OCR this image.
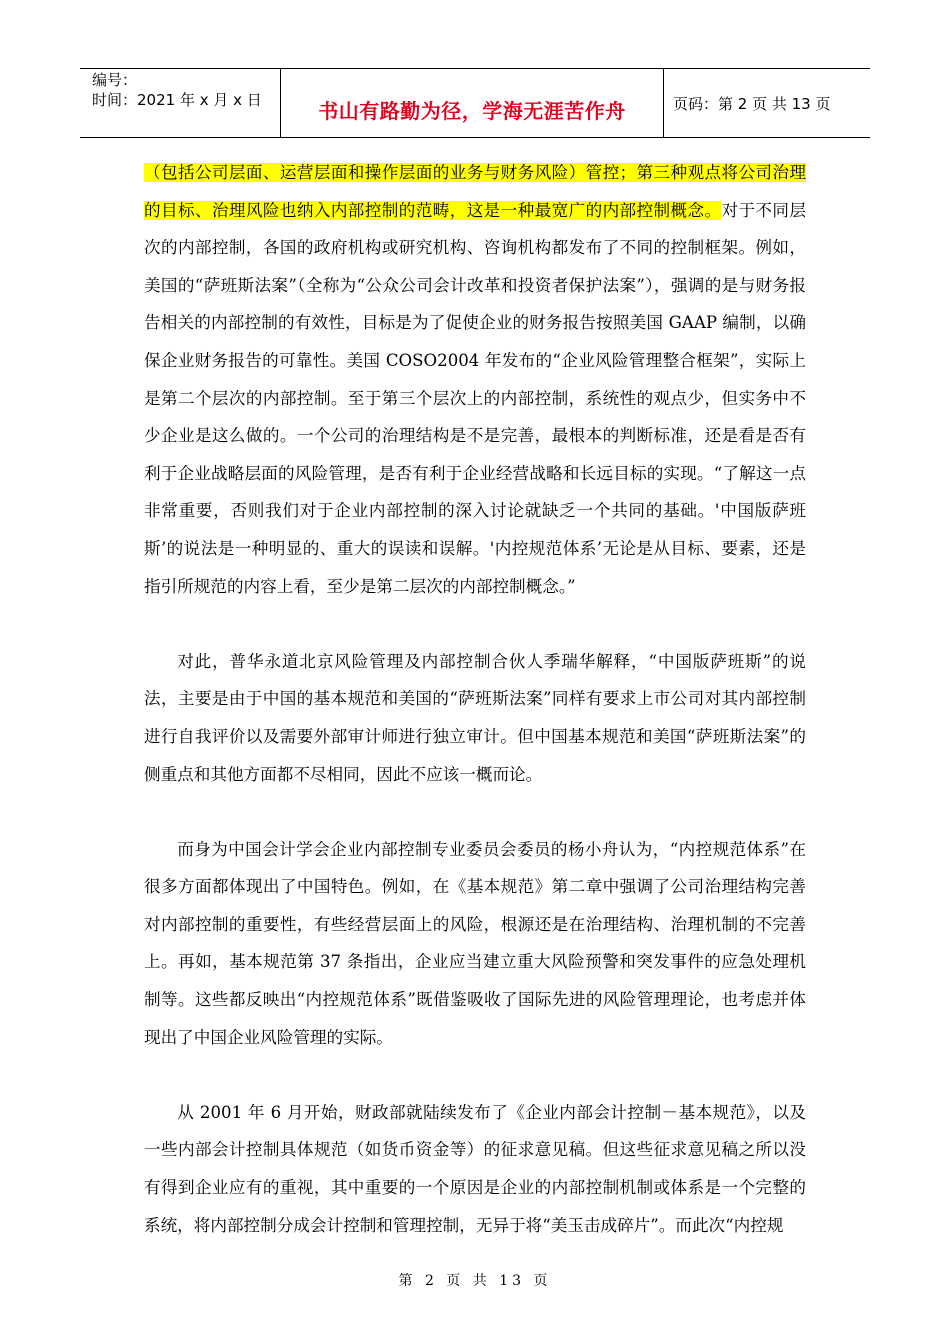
编号：
时间：2021 年 x 月 x 日	书山有路勤为径，学海无涯苦作舟	页码：第 2 页 共 13 页

（包括公司层面、运营层面和操作层面的业务与财务风险）管控；第三种观点将公司治理的目标、治理风险也纳入内部控制的范畴，这是一种最宽广的内部控制概念。对于不同层次的内部控制，各国的政府机构或研究机构、咨询机构都发布了不同的控制框架。例如，美国的“萨班斯法案”（全称为“公众公司会计改革和投资者保护法案”），强调的是与财务报告相关的内部控制的有效性，目标是为了促使企业的财务报告按照美国 GAAP 编制，以确保企业财务报告的可靠性。美国 COSO2004 年发布的“企业风险管理整合框架”，实际上是第二个层次的内部控制。至于第三个层次上的内部控制，系统性的观点少，但实务中不少企业是这么做的。一个公司的治理结构是不是完善，最根本的判断标准，还是看是否有利于企业战略层面的风险管理，是否有利于企业经营战略和长远目标的实现。“了解这一点非常重要，否则我们对于企业内部控制的深入讨论就缺乏一个共同的基础。'中国版萨班斯’的说法是一种明显的、重大的误读和误解。'内控规范体系’无论是从目标、要素，还是指引所规范的内容上看，至少是第二层次的内部控制概念。”

对此，普华永道北京风险管理及内部控制合伙人季瑞华解释，“中国版萨班斯”的说法，主要是由于中国的基本规范和美国的“萨班斯法案”同样有要求上市公司对其内部控制进行自我评价以及需要外部审计师进行独立审计。但中国基本规范和美国“萨班斯法案”的侧重点和其他方面都不尽相同，因此不应该一概而论。

而身为中国会计学会企业内部控制专业委员会委员的杨小舟认为，“内控规范体系”在很多方面都体现出了中国特色。例如，在《基本规范》第二章中强调了公司治理结构完善对内部控制的重要性，有些经营层面上的风险，根源还是在治理结构、治理机制的不完善上。再如，基本规范第 37 条指出，企业应当建立重大风险预警和突发事件的应急处理机制等。这些都反映出“内控规范体系”既借鉴吸收了国际先进的风险管理理论，也考虑并体现出了中国企业风险管理的实际。

从 2001 年 6 月开始，财政部就陆续发布了《企业内部会计控制－基本规范》，以及一些内部会计控制具体规范（如货币资金等）的征求意见稿。但这些征求意见稿之所以没有得到企业应有的重视，其中重要的一个原因是企业的内部控制机制或体系是一个完整的系统，将内部控制分成会计控制和管理控制，无异于将“美玉击成碎片”。而此次“内控规

第 2 页 共 13 页
